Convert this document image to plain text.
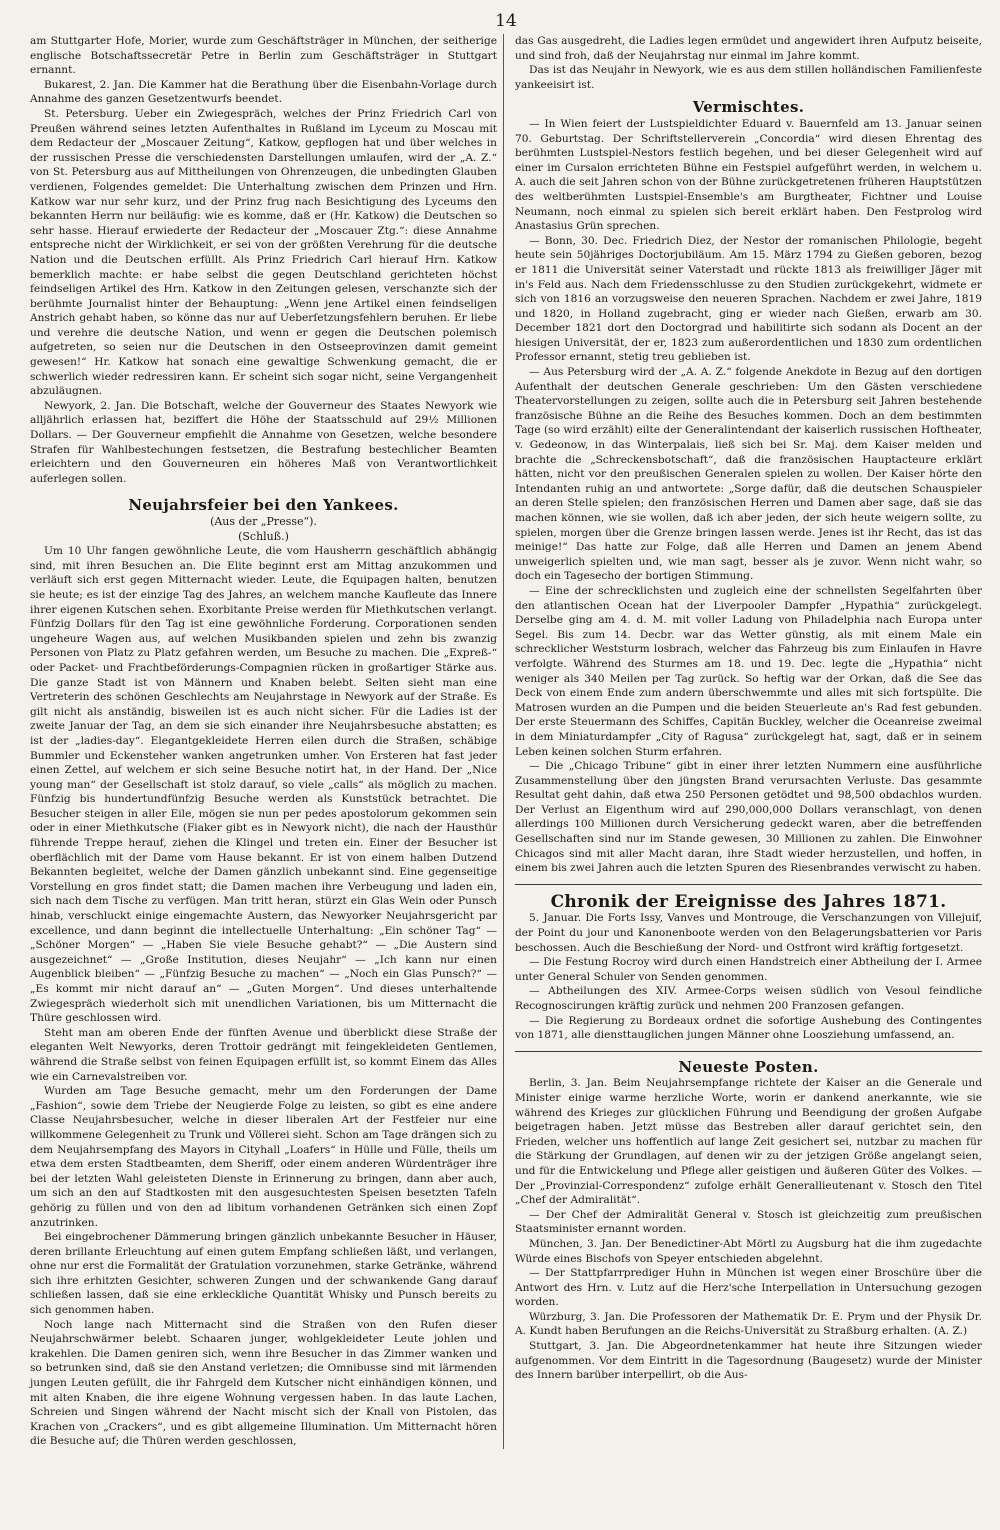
14

am Stuttgarter Hofe, Morier, wurde zum Geschäftsträger in München, der seitherige englische Botschaftssecretär Petre in Berlin zum Geschäftsträger in Stuttgart ernannt.

Bukarest, 2. Jan. Die Kammer hat die Berathung über die Eisenbahn-Vorlage durch Annahme des ganzen Gesetzentwurfs beendet.

St. Petersburg. Ueber ein Zwiegespräch, welches der Prinz Friedrich Carl von Preußen während seines letzten Aufenthaltes in Rußland im Lyceum zu Moscau mit dem Redacteur der „Moscauer Zeitung“, Katkow, gepflogen hat und über welches in der russischen Presse die verschiedensten Darstellungen umlaufen, wird der „A. Z.“ von St. Petersburg aus auf Mittheilungen von Ohrenzeugen, die unbedingten Glauben verdienen, Folgendes gemeldet: Die Unterhaltung zwischen dem Prinzen und Hrn. Katkow war nur sehr kurz, und der Prinz frug nach Besichtigung des Lyceums den bekannten Herrn nur beiläufig: wie es komme, daß er (Hr. Katkow) die Deutschen so sehr hasse. Hierauf erwiederte der Redacteur der „Moscauer Ztg.“: diese Annahme entspreche nicht der Wirklichkeit, er sei von der größten Verehrung für die deutsche Nation und die Deutschen erfüllt. Als Prinz Friedrich Carl hierauf Hrn. Katkow bemerklich machte: er habe selbst die gegen Deutschland gerichteten höchst feindseligen Artikel des Hrn. Katkow in den Zeitungen gelesen, verschanzte sich der berühmte Journalist hinter der Behauptung: „Wenn jene Artikel einen feindseligen Anstrich gehabt haben, so könne das nur auf Ueberſetzungsfehlern beruhen. Er liebe und verehre die deutsche Nation, und wenn er gegen die Deutschen polemisch aufgetreten, so seien nur die Deutschen in den Ostseeprovinzen damit gemeint gewesen!“ Hr. Katkow hat sonach eine gewaltige Schwenkung gemacht, die er schwerlich wieder redressiren kann. Er scheint sich sogar nicht, seine Vergangenheit abzuläugnen.

Newyork, 2. Jan. Die Botschaft, welche der Gouverneur des Staates Newyork wie alljährlich erlassen hat, beziffert die Höhe der Staatsschuld auf 29½ Millionen Dollars. — Der Gouverneur empfiehlt die Annahme von Gesetzen, welche besondere Strafen für Wahlbestechungen festsetzen, die Bestrafung bestechlicher Beamten erleichtern und den Gouverneuren ein höheres Maß von Verantwortlichkeit auferlegen sollen.

Neujahrsfeier bei den Yankees.
(Aus der „Presse“).
(Schluß.)

Um 10 Uhr fangen gewöhnliche Leute, die vom Hausherrn geschäftlich abhängig sind, mit ihren Besuchen an. Die Elite beginnt erst am Mittag anzukommen und verläuft sich erst gegen Mitternacht wieder. Leute, die Equipagen halten, benutzen sie heute; es ist der einzige Tag des Jahres, an welchem manche Kaufleute das Innere ihrer eigenen Kutschen sehen. Exorbitante Preise werden für Miethkutschen verlangt. Fünfzig Dollars für den Tag ist eine gewöhnliche Forderung. Corporationen senden ungeheure Wagen aus, auf welchen Musikbanden spielen und zehn bis zwanzig Personen von Platz zu Platz gefahren werden, um Besuche zu machen. Die „Expreß-“ oder Packet- und Frachtbeförderungs-Compagnien rücken in großartiger Stärke aus. Die ganze Stadt ist von Männern und Knaben belebt. Selten sieht man eine Vertreterin des schönen Geschlechts am Neujahrstage in Newyork auf der Straße. Es gilt nicht als anständig, bisweilen ist es auch nicht sicher. Für die Ladies ist der zweite Januar der Tag, an dem sie sich einander ihre Neujahrsbesuche abstatten; es ist der „ladies-day“. Elegantgekleidete Herren eilen durch die Straßen, schäbige Bummler und Eckensteher wanken angetrunken umher. Von Ersteren hat fast jeder einen Zettel, auf welchem er sich seine Besuche notirt hat, in der Hand. Der „Nice young man“ der Gesellschaft ist stolz darauf, so viele „calls“ als möglich zu machen. Fünfzig bis hundertundfünfzig Besuche werden als Kunststück betrachtet. Die Besucher steigen in aller Eile, mögen sie nun per pedes apostolorum gekommen sein oder in einer Miethkutsche (Fiaker gibt es in Newyork nicht), die nach der Hausthür führende Treppe herauf, ziehen die Klingel und treten ein. Einer der Besucher ist oberflächlich mit der Dame vom Hause bekannt. Er ist von einem halben Dutzend Bekannten begleitet, welche der Damen gänzlich unbekannt sind. Eine gegenseitige Vorstellung en gros findet statt; die Damen machen ihre Verbeugung und laden ein, sich nach dem Tische zu verfügen. Man tritt heran, stürzt ein Glas Wein oder Punsch hinab, verschluckt einige eingemachte Austern, das Newyorker Neujahrsgericht par excellence, und dann beginnt die intellectuelle Unterhaltung: „Ein schöner Tag“ — „Schöner Morgen“ — „Haben Sie viele Besuche gehabt?“ — „Die Austern sind ausgezeichnet“ — „Große Institution, dieses Neujahr“ — „Ich kann nur einen Augenblick bleiben“ — „Fünfzig Besuche zu machen“ — „Noch ein Glas Punsch?“ — „Es kommt mir nicht darauf an“ — „Guten Morgen“. Und dieses unterhaltende Zwiegespräch wiederholt sich mit unendlichen Variationen, bis um Mitternacht die Thüre geschlossen wird.

Steht man am oberen Ende der fünften Avenue und überblickt diese Straße der eleganten Welt Newyorks, deren Trottoir gedrängt mit feingekleideten Gentlemen, während die Straße selbst von feinen Equipagen erfüllt ist, so kommt Einem das Alles wie ein Carnevalstreiben vor.

Wurden am Tage Besuche gemacht, mehr um den Forderungen der Dame „Fashion“, sowie dem Triebe der Neugierde Folge zu leisten, so gibt es eine andere Classe Neujahrsbesucher, welche in dieser liberalen Art der Festfeier nur eine willkommene Gelegenheit zu Trunk und Völlerei sieht. Schon am Tage drängen sich zu dem Neujahrsempfang des Mayors in Cityhall „Loafers“ in Hülle und Fülle, theils um etwa dem ersten Stadtbeamten, dem Sheriff, oder einem anderen Würdenträger ihre bei der letzten Wahl geleisteten Dienste in Erinnerung zu bringen, dann aber auch, um sich an den auf Stadtkosten mit den ausgesuchtesten Speisen besetzten Tafeln gehörig zu füllen und von den ad libitum vorhandenen Getränken sich einen Zopf anzutrinken.

Bei eingebrochener Dämmerung bringen gänzlich unbekannte Besucher in Häuser, deren brillante Erleuchtung auf einen gutem Empfang schließen läßt, und verlangen, ohne nur erst die Formalität der Gratulation vorzunehmen, starke Getränke, während sich ihre erhitzten Gesichter, schweren Zungen und der schwankende Gang darauf schließen lassen, daß sie eine erkleckliche Quantität Whisky und Punsch bereits zu sich genommen haben.

Noch lange nach Mitternacht sind die Straßen von den Rufen dieser Neujahrschwärmer belebt. Schaaren junger, wohlgekleideter Leute johlen und krakehlen. Die Damen geniren sich, wenn ihre Besucher in das Zimmer wanken und so betrunken sind, daß sie den Anstand verletzen; die Omnibusse sind mit lärmenden jungen Leuten gefüllt, die ihr Fahrgeld dem Kutscher nicht einhändigen können, und mit alten Knaben, die ihre eigene Wohnung vergessen haben. In das laute Lachen, Schreien und Singen während der Nacht mischt sich der Knall von Pistolen, das Krachen von „Crackers“, und es gibt allgemeine Illumination. Um Mitternacht hören die Besuche auf; die Thüren werden geschlossen,

das Gas ausgedreht, die Ladies legen ermüdet und angewidert ihren Aufputz beiseite, und sind froh, daß der Neujahrstag nur einmal im Jahre kommt.

Das ist das Neujahr in Newyork, wie es aus dem stillen holländischen Familienfeste yankeeisirt ist.

Vermischtes.

— In Wien feiert der Lustspieldichter Eduard v. Bauernfeld am 13. Januar seinen 70. Geburtstag. Der Schriftstellerverein „Concordia“ wird diesen Ehrentag des berühmten Lustspiel-Nestors festlich begehen, und bei dieser Gelegenheit wird auf einer im Cursalon errichteten Bühne ein Festspiel aufgeführt werden, in welchem u. A. auch die seit Jahren schon von der Bühne zurückgetretenen früheren Hauptstützen des weltberühmten Lustspiel-Ensemble's am Burgtheater, Fichtner und Louise Neumann, noch einmal zu spielen sich bereit erklärt haben. Den Festprolog wird Anastasius Grün sprechen.

— Bonn, 30. Dec. Friedrich Diez, der Nestor der romanischen Philologie, begeht heute sein 50jähriges Doctorjubiläum. Am 15. März 1794 zu Gießen geboren, bezog er 1811 die Universität seiner Vaterstadt und rückte 1813 als freiwilliger Jäger mit in's Feld aus. Nach dem Friedensschlusse zu den Studien zurückgekehrt, widmete er sich von 1816 an vorzugsweise den neueren Sprachen. Nachdem er zwei Jahre, 1819 und 1820, in Holland zugebracht, ging er wieder nach Gießen, erwarb am 30. December 1821 dort den Doctorgrad und habilitirte sich sodann als Docent an der hiesigen Universität, der er, 1823 zum außerordentlichen und 1830 zum ordentlichen Professor ernannt, stetig treu geblieben ist.

— Aus Petersburg wird der „A. A. Z.“ folgende Anekdote in Bezug auf den dortigen Aufenthalt der deutschen Generale geschrieben: Um den Gästen verschiedene Theatervorstellungen zu zeigen, sollte auch die in Petersburg seit Jahren bestehende französische Bühne an die Reihe des Besuches kommen. Doch an dem bestimmten Tage (so wird erzählt) eilte der Generalintendant der kaiserlich russischen Hoftheater, v. Gedeonow, in das Winterpalais, ließ sich bei Sr. Maj. dem Kaiser melden und brachte die „Schreckensbotschaft“, daß die französischen Hauptacteure erklärt hätten, nicht vor den preußischen Generalen spielen zu wollen. Der Kaiser hörte den Intendanten ruhig an und antwortete: „Sorge dafür, daß die deutschen Schauspieler an deren Stelle spielen; den französischen Herren und Damen aber sage, daß sie das machen können, wie sie wollen, daß ich aber jeden, der sich heute weigern sollte, zu spielen, morgen über die Grenze bringen lassen werde. Jenes ist ihr Recht, das ist das meinige!“ Das hatte zur Folge, daß alle Herren und Damen an jenem Abend unweigerlich spielten und, wie man sagt, besser als je zuvor. Wenn nicht wahr, so doch ein Tagesecho der bortigen Stimmung.

— Eine der schrecklichsten und zugleich eine der schnellsten Segelfahrten über den atlantischen Ocean hat der Liverpooler Dampfer „Hypathia“ zurückgelegt. Derselbe ging am 4. d. M. mit voller Ladung von Philadelphia nach Europa unter Segel. Bis zum 14. Decbr. war das Wetter günstig, als mit einem Male ein schrecklicher Weststurm losbrach, welcher das Fahrzeug bis zum Einlaufen in Havre verfolgte. Während des Sturmes am 18. und 19. Dec. legte die „Hypathia“ nicht weniger als 340 Meilen per Tag zurück. So heftig war der Orkan, daß die See das Deck von einem Ende zum andern überschwemmte und alles mit sich fortspülte. Die Matrosen wurden an die Pumpen und die beiden Steuerleute an's Rad fest gebunden. Der erste Steuermann des Schiffes, Capitän Buckley, welcher die Oceanreise zweimal in dem Miniaturdampfer „City of Ragusa“ zurückgelegt hat, sagt, daß er in seinem Leben keinen solchen Sturm erfahren.

— Die „Chicago Tribune“ gibt in einer ihrer letzten Nummern eine ausführliche Zusammenstellung über den jüngsten Brand verursachten Verluste. Das gesammte Resultat geht dahin, daß etwa 250 Personen getödtet und 98,500 obdachlos wurden. Der Verlust an Eigenthum wird auf 290,000,000 Dollars veranschlagt, von denen allerdings 100 Millionen durch Versicherung gedeckt waren, aber die betreffenden Gesellschaften sind nur im Stande gewesen, 30 Millionen zu zahlen. Die Einwohner Chicagos sind mit aller Macht daran, ihre Stadt wieder herzustellen, und hoffen, in einem bis zwei Jahren auch die letzten Spuren des Riesenbrandes verwischt zu haben.

Chronik der Ereignisse des Jahres 1871.

5. Januar. Die Forts Issy, Vanves und Montrouge, die Verschanzungen von Villejuif, der Point du jour und Kanonenboote werden von den Belagerungsbatterien vor Paris beschossen. Auch die Beschießung der Nord- und Ostfront wird kräftig fortgesetzt.

— Die Festung Rocroy wird durch einen Handstreich einer Abtheilung der I. Armee unter General Schuler von Senden genommen.

— Abtheilungen des XIV. Armee-Corps weisen südlich von Vesoul feindliche Recognoscirungen kräftig zurück und nehmen 200 Franzosen gefangen.

— Die Regierung zu Bordeaux ordnet die sofortige Aushebung des Contingentes von 1871, alle diensttauglichen jungen Männer ohne Loosziehung umfassend, an.

Neueste Posten.

Berlin, 3. Jan. Beim Neujahrsempfange richtete der Kaiser an die Generale und Minister einige warme herzliche Worte, worin er dankend anerkannte, wie sie während des Krieges zur glücklichen Führung und Beendigung der großen Aufgabe beigetragen haben. Jetzt müsse das Bestreben aller darauf gerichtet sein, den Frieden, welcher uns hoffentlich auf lange Zeit gesichert sei, nutzbar zu machen für die Stärkung der Grundlagen, auf denen wir zu der jetzigen Größe angelangt seien, und für die Entwickelung und Pflege aller geistigen und äußeren Güter des Volkes. — Der „Provinzial-Correspondenz“ zufolge erhält Generallieutenant v. Stosch den Titel „Chef der Admiralität“.

— Der Chef der Admiralität General v. Stosch ist gleichzeitig zum preußischen Staatsminister ernannt worden.

München, 3. Jan. Der Benedictiner-Abt Mörtl zu Augsburg hat die ihm zugedachte Würde eines Bischofs von Speyer entschieden abgelehnt.

— Der Stattpfarrprediger Huhn in München ist wegen einer Broschüre über die Antwort des Hrn. v. Lutz auf die Herz'sche Interpellation in Untersuchung gezogen worden.

Würzburg, 3. Jan. Die Professoren der Mathematik Dr. E. Prym und der Physik Dr. A. Kundt haben Berufungen an die Reichs-Universität zu Straßburg erhalten. (A. Z.)

Stuttgart, 3. Jan. Die Abgeordnetenkammer hat heute ihre Sitzungen wieder aufgenommen. Vor dem Eintritt in die Tagesordnung (Baugesetz) wurde der Minister des Innern barüber interpellirt, ob die Aus-
